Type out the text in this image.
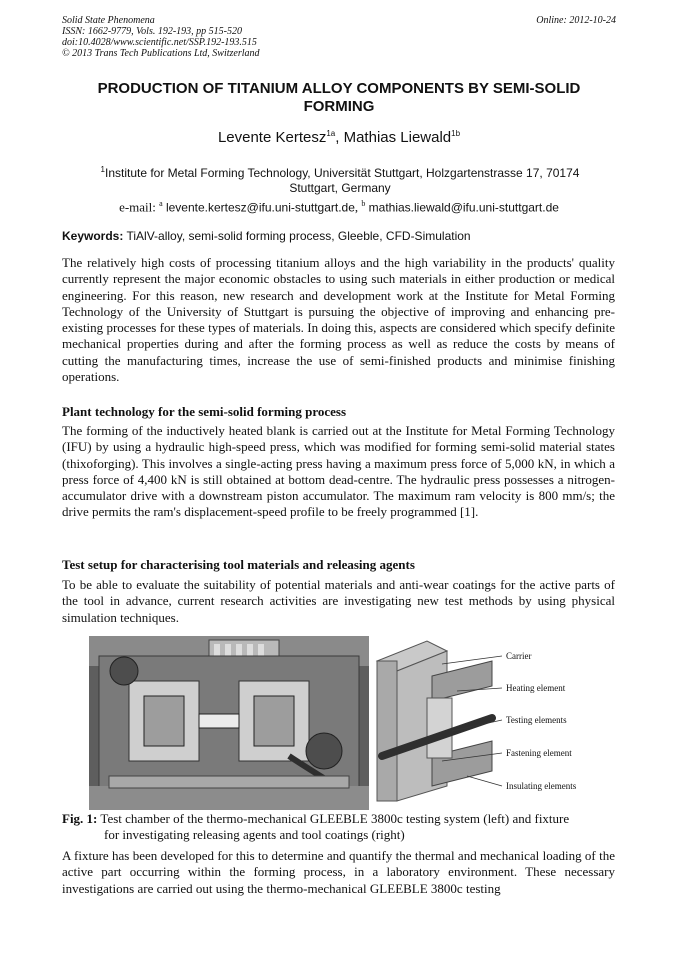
Solid State Phenomena
ISSN: 1662-9779, Vols. 192-193, pp 515-520
doi:10.4028/www.scientific.net/SSP.192-193.515
© 2013 Trans Tech Publications Ltd, Switzerland
Online: 2012-10-24
PRODUCTION OF TITANIUM ALLOY COMPONENTS BY SEMI-SOLID FORMING
Levente Kertesz$^{1a}$, Mathias Liewald$^{1b}$
$^1$Institute for Metal Forming Technology, Universität Stuttgart, Holzgartenstrasse 17, 70174 Stuttgart, Germany
e-mail: $^a$ levente.kertesz@ifu.uni-stuttgart.de, $^b$ mathias.liewald@ifu.uni-stuttgart.de
Keywords: TiAlV-alloy, semi-solid forming process, Gleeble, CFD-Simulation
The relatively high costs of processing titanium alloys and the high variability in the products' quality currently represent the major economic obstacles to using such materials in either production or medical engineering. For this reason, new research and development work at the Institute for Metal Forming Technology of the University of Stuttgart is pursuing the objective of improving and enhancing pre-existing processes for these types of materials. In doing this, aspects are considered which specify definite mechanical properties during and after the forming process as well as reduce the costs by means of cutting the manufacturing times, increase the use of semi-finished products and minimise finishing operations.
Plant technology for the semi-solid forming process
The forming of the inductively heated blank is carried out at the Institute for Metal Forming Technology (IFU) by using a hydraulic high-speed press, which was modified for forming semi-solid material states (thixoforging). This involves a single-acting press having a maximum press force of 5,000 kN, in which a press force of 4,400 kN is still obtained at bottom dead-centre. The hydraulic press possesses a nitrogen-accumulator drive with a downstream piston accumulator. The maximum ram velocity is 800 mm/s; the drive permits the ram's displacement-speed profile to be freely programmed [1].
Test setup for characterising tool materials and releasing agents
To be able to evaluate the suitability of potential materials and anti-wear coatings for the active parts of the tool in advance, current research activities are investigating new test methods by using physical simulation techniques.
Carrier
Heating element
Testing elements
Fastening element
Insulating elements
Fig. 1: Test chamber of the thermo-mechanical GLEEBLE 3800c testing system (left) and fixture
for investigating releasing agents and tool coatings (right)
A fixture has been developed for this to determine and quantify the thermal and mechanical loading of the active part occurring within the forming process, in a laboratory environment. These necessary investigations are carried out using the thermo-mechanical GLEEBLE 3800c testing
